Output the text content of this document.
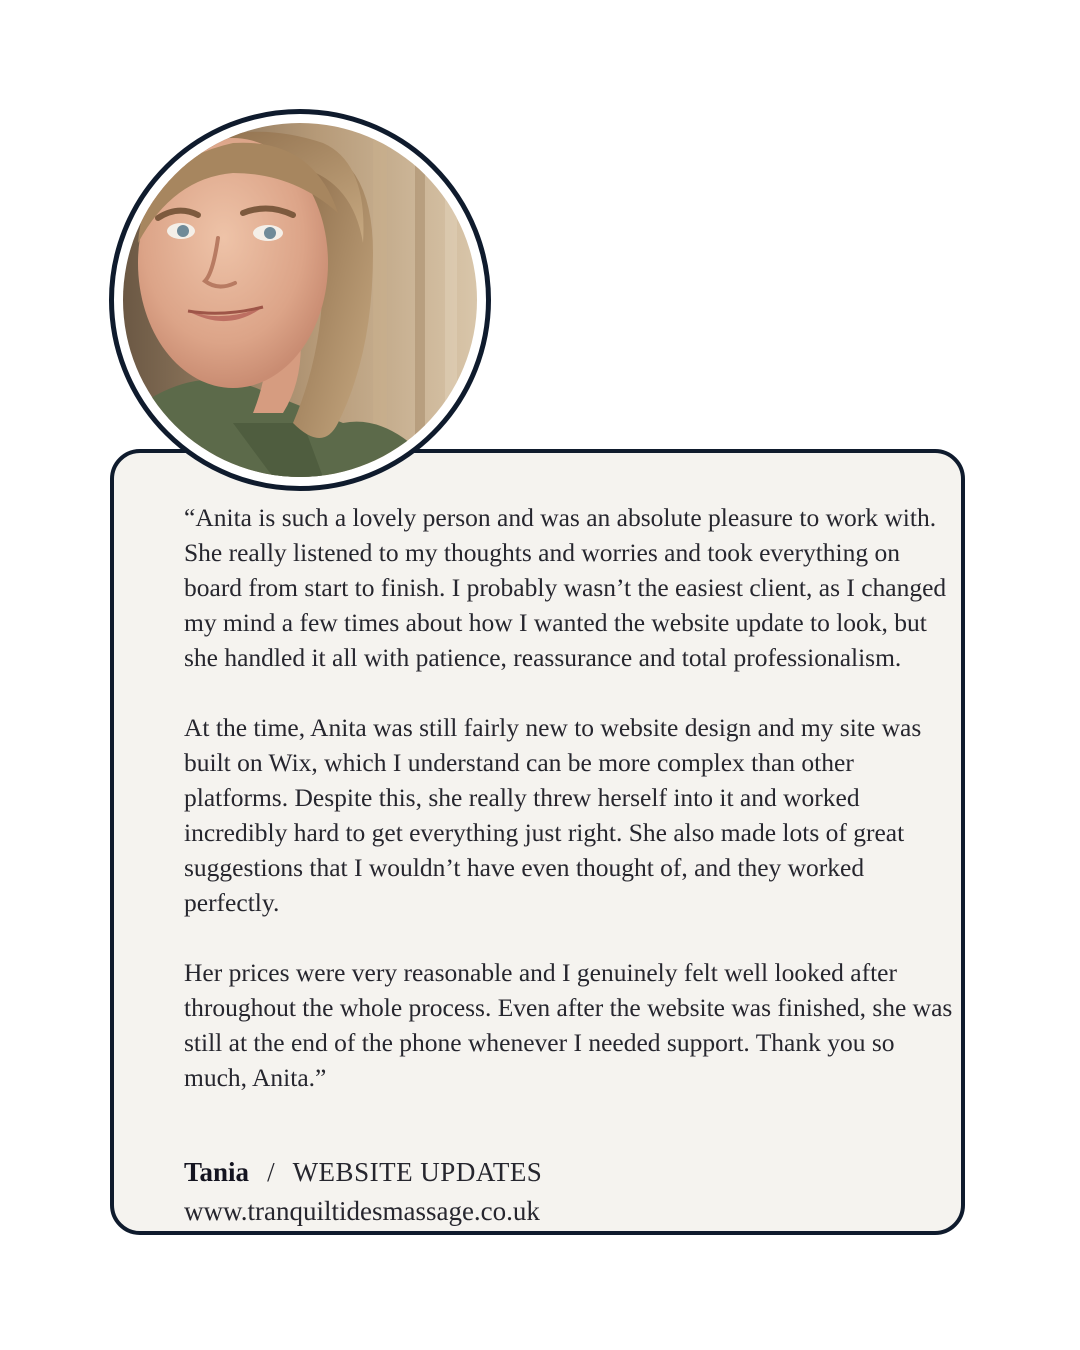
“Anita is such a lovely person and was an absolute pleasure to work with. She really listened to my thoughts and worries and took everything on board from start to finish. I probably wasn’t the easiest client, as I changed my mind a few times about how I wanted the website update to look, but she handled it all with patience, reassurance and total professionalism.

At the time, Anita was still fairly new to website design and my site was built on Wix, which I understand can be more complex than other platforms. Despite this, she really threw herself into it and worked incredibly hard to get everything just right. She also made lots of great suggestions that I wouldn’t have even thought of, and they worked perfectly.

Her prices were very reasonable and I genuinely felt well looked after throughout the whole process. Even after the website was finished, she was still at the end of the phone whenever I needed support. Thank you so much, Anita.”

Tania / WEBSITE UPDATES
www.tranquiltidesmassage.co.uk
